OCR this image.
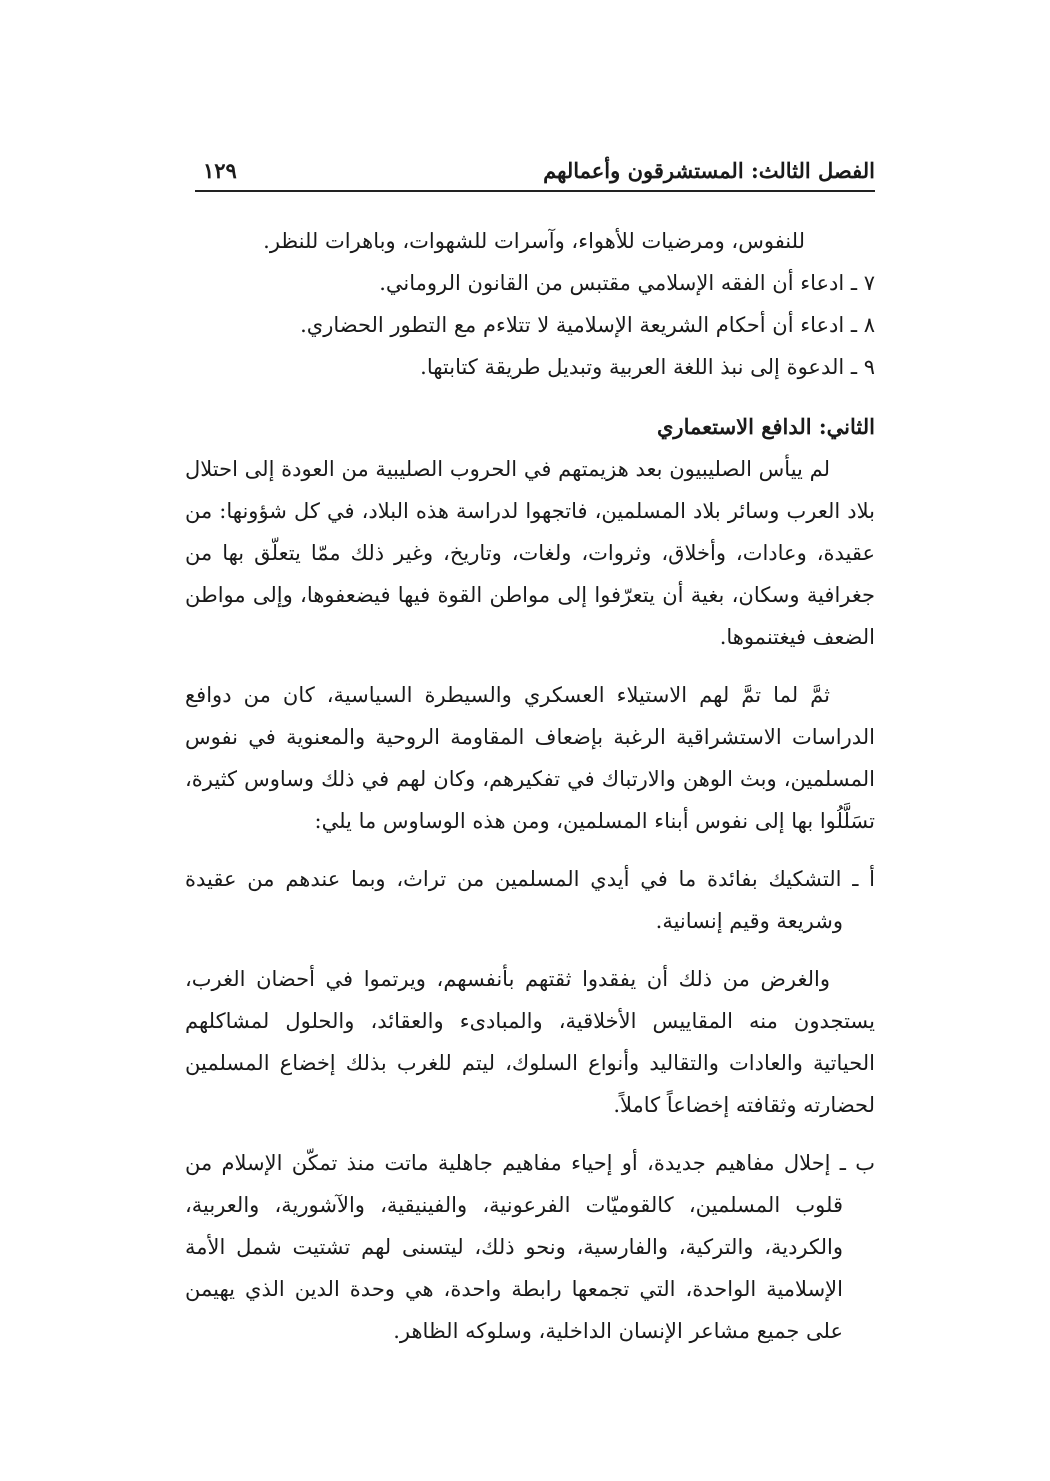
الفصل الثالث: المستشرقون وأعمالهم
١٢٩

للنفوس، ومرضيات للأهواء، وآسرات للشهوات، وباهرات للنظر.

٧ ـ ادعاء أن الفقه الإسلامي مقتبس من القانون الروماني.

٨ ـ ادعاء أن أحكام الشريعة الإسلامية لا تتلاءم مع التطور الحضاري.

٩ ـ الدعوة إلى نبذ اللغة العربية وتبديل طريقة كتابتها.

الثاني: الدافع الاستعماري

لم ييأس الصليبيون بعد هزيمتهم في الحروب الصليبية من العودة إلى احتلال بلاد العرب وسائر بلاد المسلمين، فاتجهوا لدراسة هذه البلاد، في كل شؤونها: من عقيدة، وعادات، وأخلاق، وثروات، ولغات، وتاريخ، وغير ذلك ممّا يتعلّق بها من جغرافية وسكان، بغية أن يتعرّفوا إلى مواطن القوة فيها فيضعفوها، وإلى مواطن الضعف فيغتنموها.

ثمَّ لما تمَّ لهم الاستيلاء العسكري والسيطرة السياسية، كان من دوافع الدراسات الاستشراقية الرغبة بإضعاف المقاومة الروحية والمعنوية في نفوس المسلمين، وبث الوهن والارتباك في تفكيرهم، وكان لهم في ذلك وساوس كثيرة، تسَلَّلُوا بها إلى نفوس أبناء المسلمين، ومن هذه الوساوس ما يلي:

أ ـ التشكيك بفائدة ما في أيدي المسلمين من تراث، وبما عندهم من عقيدة وشريعة وقيم إنسانية.

والغرض من ذلك أن يفقدوا ثقتهم بأنفسهم، ويرتموا في أحضان الغرب، يستجدون منه المقاييس الأخلاقية، والمبادىء والعقائد، والحلول لمشاكلهم الحياتية والعادات والتقاليد وأنواع السلوك، ليتم للغرب بذلك إخضاع المسلمين لحضارته وثقافته إخضاعاً كاملاً.

ب ـ إحلال مفاهيم جديدة، أو إحياء مفاهيم جاهلية ماتت منذ تمكّن الإسلام من قلوب المسلمين، كالقوميّات الفرعونية، والفينيقية، والآشورية، والعربية، والكردية، والتركية، والفارسية، ونحو ذلك، ليتسنى لهم تشتيت شمل الأمة الإسلامية الواحدة، التي تجمعها رابطة واحدة، هي وحدة الدين الذي يهيمن على جميع مشاعر الإنسان الداخلية، وسلوكه الظاهر.
